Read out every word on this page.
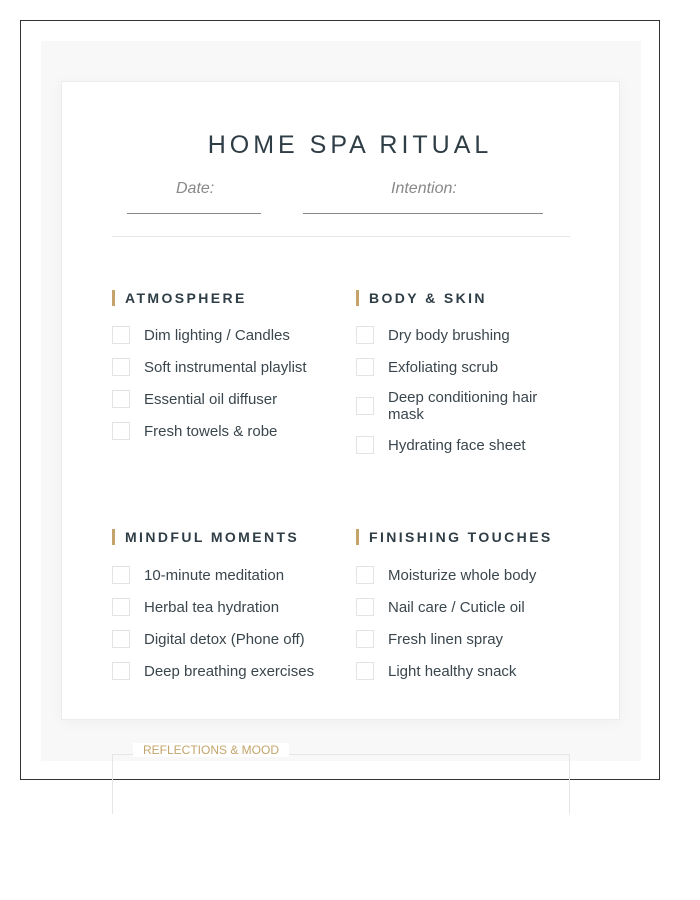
HOME SPA RITUAL
Date:	Intention:
ATMOSPHERE
Dim lighting / Candles
Soft instrumental playlist
Essential oil diffuser
Fresh towels & robe
BODY & SKIN
Dry body brushing
Exfoliating scrub
Deep conditioning hair mask
Hydrating face sheet
MINDFUL MOMENTS
10-minute meditation
Herbal tea hydration
Digital detox (Phone off)
Deep breathing exercises
FINISHING TOUCHES
Moisturize whole body
Nail care / Cuticle oil
Fresh linen spray
Light healthy snack
REFLECTIONS & MOOD
